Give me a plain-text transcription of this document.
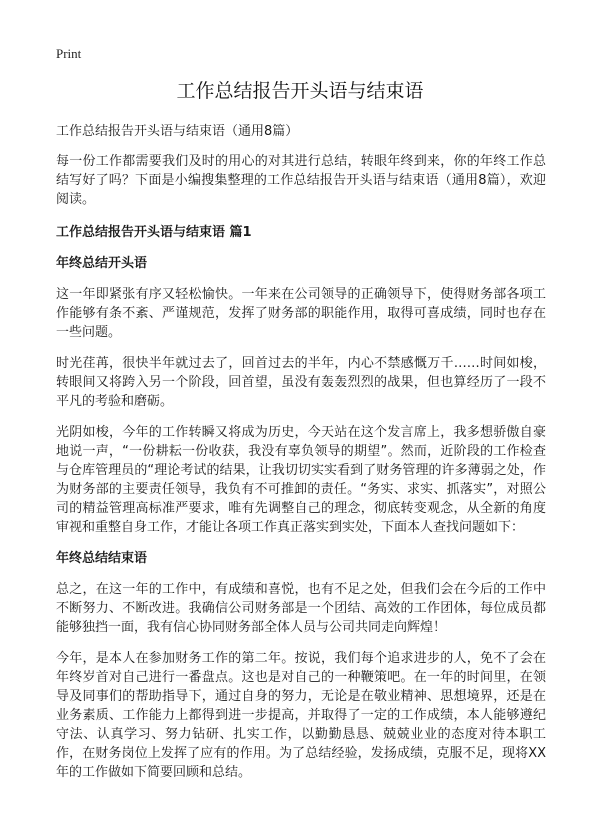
Print
工作总结报告开头语与结束语

工作总结报告开头语与结束语（通用8篇）

每一份工作都需要我们及时的用心的对其进行总结，转眼年终到来，你的年终工作总结写好了吗？下面是小编搜集整理的工作总结报告开头语与结束语（通用8篇），欢迎阅读。

工作总结报告开头语与结束语 篇1

年终总结开头语

这一年即紧张有序又轻松愉快。一年来在公司领导的正确领导下，使得财务部各项工作能够有条不紊、严谨规范，发挥了财务部的职能作用，取得可喜成绩，同时也存在一些问题。

时光荏苒，很快半年就过去了，回首过去的半年，内心不禁感慨万千……时间如梭，转眼间又将跨入另一个阶段，回首望，虽没有轰轰烈烈的战果，但也算经历了一段不平凡的考验和磨砺。

光阴如梭，今年的工作转瞬又将成为历史，今天站在这个发言席上，我多想骄傲自豪地说一声，“一份耕耘一份收获，我没有辜负领导的期望”。然而，近阶段的工作检查与仓库管理员的“理论考试的结果，让我切切实实看到了财务管理的许多薄弱之处，作为财务部的主要责任领导，我负有不可推卸的责任。“务实、求实、抓落实”，对照公司的精益管理高标准严要求，唯有先调整自己的理念，彻底转变观念，从全新的角度审视和重整自身工作，才能让各项工作真正落实到实处，下面本人查找问题如下：

年终总结结束语

总之，在这一年的工作中，有成绩和喜悦，也有不足之处，但我们会在今后的工作中不断努力、不断改进。我确信公司财务部是一个团结、高效的工作团体，每位成员都能够独挡一面，我有信心协同财务部全体人员与公司共同走向辉煌！

今年，是本人在参加财务工作的第二年。按说，我们每个追求进步的人，免不了会在年终岁首对自己进行一番盘点。这也是对自己的一种鞭策吧。在一年的时间里，在领导及同事们的帮助指导下，通过自身的努力，无论是在敬业精神、思想境界，还是在业务素质、工作能力上都得到进一步提高，并取得了一定的工作成绩，本人能够遵纪守法、认真学习、努力钻研、扎实工作，以勤勤恳恳、兢兢业业的态度对待本职工作，在财务岗位上发挥了应有的作用。为了总结经验，发扬成绩，克服不足，现将XX年的工作做如下简要回顾和总结。
